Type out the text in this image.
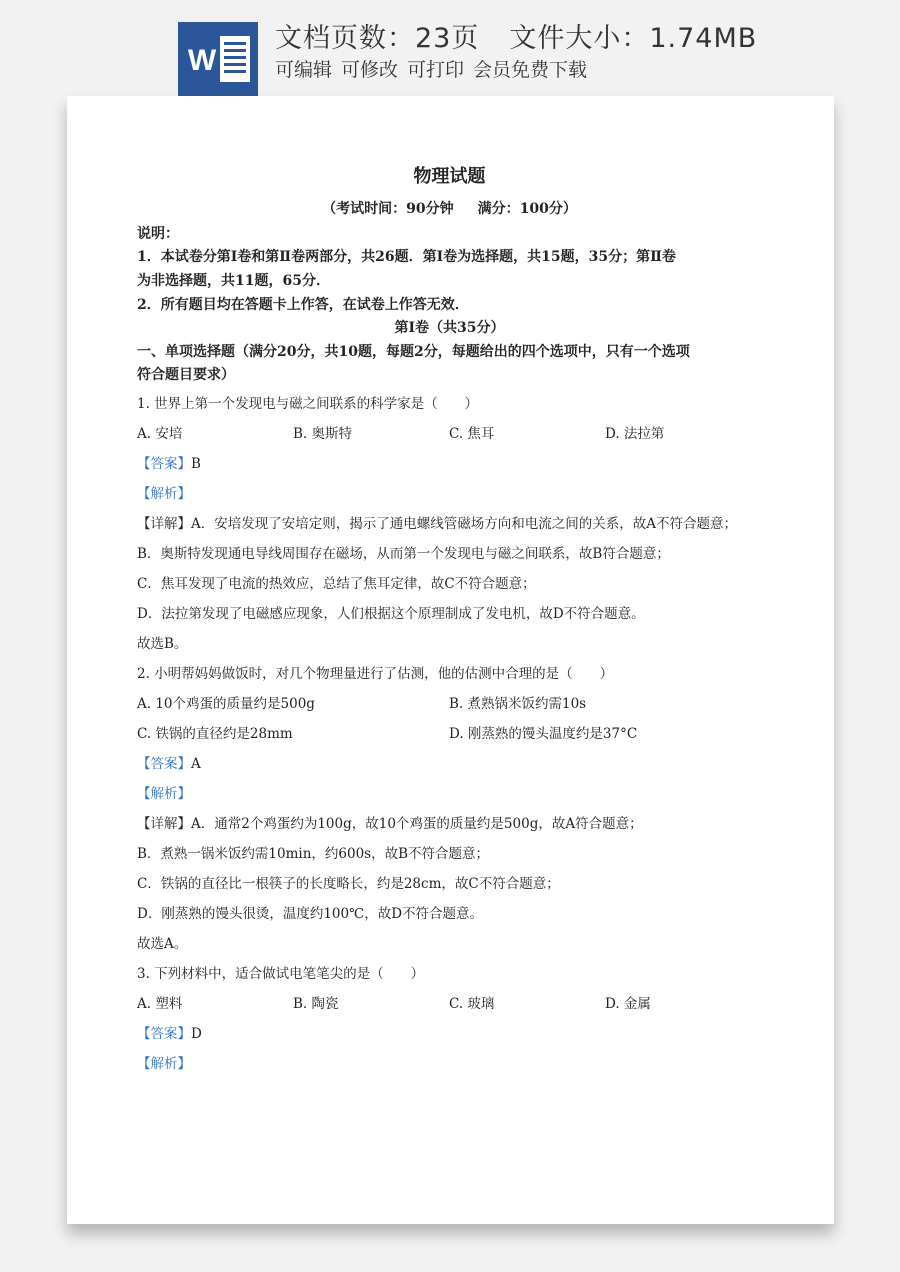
W
文档页数：23页 文件大小：1.74MB
可编辑 可修改 可打印 会员免费下载
物理试题
（考试时间：90分钟 满分：100分）
说明：
1．本试卷分第Ⅰ卷和第Ⅱ卷两部分，共26题．第Ⅰ卷为选择题，共15题，35分；第Ⅱ卷
为非选择题，共11题，65分．
2．所有题目均在答题卡上作答，在试卷上作答无效．
第Ⅰ卷（共35分）
一、单项选择题（满分20分，共10题，每题2分，每题给出的四个选项中，只有一个选项
符合题目要求）
1. 世界上第一个发现电与磁之间联系的科学家是（　　）
A. 安培	B. 奥斯特	C. 焦耳	D. 法拉第
【答案】B
【解析】
【详解】A．安培发现了安培定则，揭示了通电螺线管磁场方向和电流之间的关系，故A不符合题意；
B．奥斯特发现通电导线周围存在磁场，从而第一个发现电与磁之间联系，故B符合题意；
C．焦耳发现了电流的热效应，总结了焦耳定律，故C不符合题意；
D．法拉第发现了电磁感应现象，人们根据这个原理制成了发电机，故D不符合题意。
故选B。
2. 小明帮妈妈做饭时，对几个物理量进行了估测，他的估测中合理的是（　　）
A. 10个鸡蛋的质量约是500g	B. 煮熟锅米饭约需10s
C. 铁锅的直径约是28mm	D. 刚蒸熟的馒头温度约是37°C
【答案】A
【解析】
【详解】A．通常2个鸡蛋约为100g，故10个鸡蛋的质量约是500g，故A符合题意；
B．煮熟一锅米饭约需10min，约600s，故B不符合题意；
C．铁锅的直径比一根筷子的长度略长，约是28cm，故C不符合题意；
D．刚蒸熟的馒头很烫，温度约100℃，故D不符合题意。
故选A。
3. 下列材料中，适合做试电笔笔尖的是（　　）
A. 塑料	B. 陶瓷	C. 玻璃	D. 金属
【答案】D
【解析】
